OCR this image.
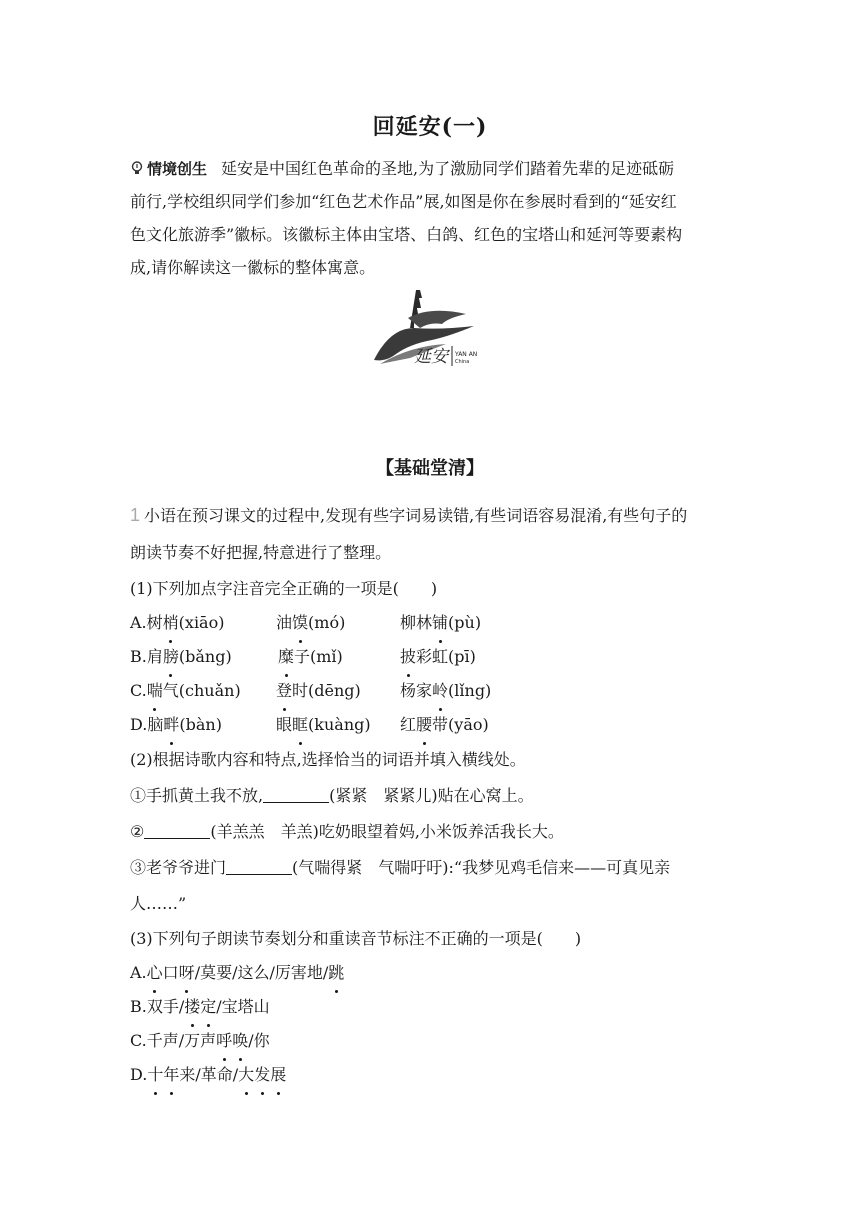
回延安(一)
情境创生 延安是中国红色革命的圣地,为了激励同学们踏着先辈的足迹砥砺
前行,学校组织同学们参加“红色艺术作品”展,如图是你在参展时看到的“延安红
色文化旅游季”徽标。该徽标主体由宝塔、白鸽、红色的宝塔山和延河等要素构
成,请你解读这一徽标的整体寓意。
延安	YAN AN
China
【基础堂清】
1 小语在预习课文的过程中,发现有些字词易读错,有些词语容易混淆,有些句子的
朗读节奏不好把握,特意进行了整理。
(1)下列加点字注音完全正确的一项是(　　)
A.树梢(xiāo)	油馍(mó)	柳林铺(pù)
B.肩膀(bǎng)	糜子(mǐ)	披彩虹(pī)
C.喘气(chuǎn) 登时(dēng) 杨家岭(lǐng)
D.脑畔(bàn)	眼眶(kuàng) 红腰带(yāo)
(2)根据诗歌内容和特点,选择恰当的词语并填入横线处。
①手抓黄土我不放,	(紧紧　紧紧儿)贴在心窝上。
②	(羊羔羔　羊羔)吃奶眼望着妈,小米饭养活我长大。
③老爷爷进门	(气喘得紧　气喘吁吁):“我梦见鸡毛信来——可真见亲
人……”
(3)下列句子朗读节奏划分和重读音节标注不正确的一项是(　　)
A.心口呀/莫要/这么/厉害地/跳
B.双手/搂定/宝塔山
C.千声/万声呼唤/你
D.十年来/革命/大发展
